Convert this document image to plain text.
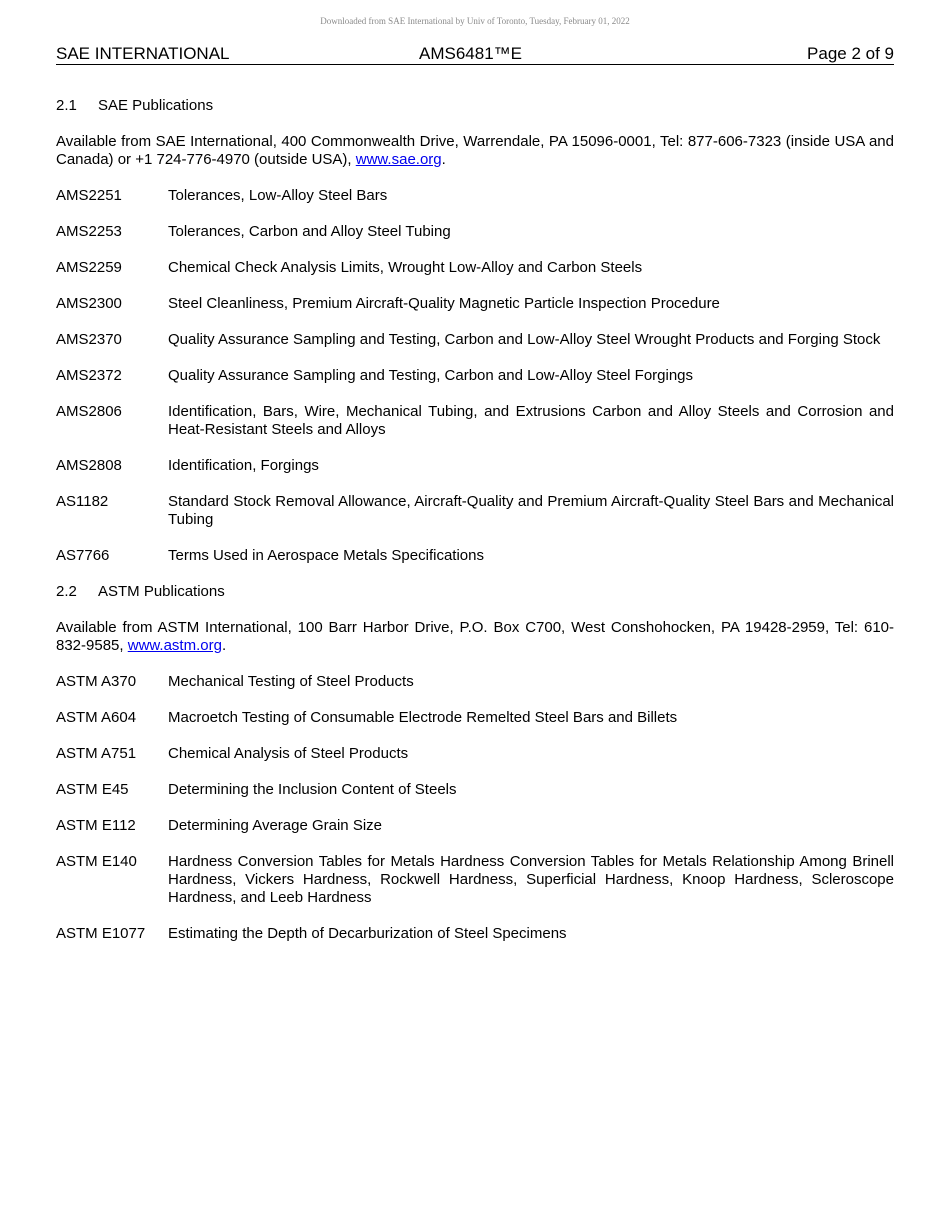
Downloaded from SAE International by Univ of Toronto, Tuesday, February 01, 2022
SAE INTERNATIONAL	AMS6481™E	Page 2 of 9
2.1	SAE Publications

Available from SAE International, 400 Commonwealth Drive, Warrendale, PA 15096-0001, Tel: 877-606-7323 (inside USA and Canada) or +1 724-776-4970 (outside USA), www.sae.org.

AMS2251	Tolerances, Low-Alloy Steel Bars
AMS2253	Tolerances, Carbon and Alloy Steel Tubing
AMS2259	Chemical Check Analysis Limits, Wrought Low-Alloy and Carbon Steels
AMS2300	Steel Cleanliness, Premium Aircraft-Quality Magnetic Particle Inspection Procedure
AMS2370	Quality Assurance Sampling and Testing, Carbon and Low-Alloy Steel Wrought Products and Forging Stock
AMS2372	Quality Assurance Sampling and Testing, Carbon and Low-Alloy Steel Forgings
AMS2806	Identification, Bars, Wire, Mechanical Tubing, and Extrusions Carbon and Alloy Steels and Corrosion and Heat-Resistant Steels and Alloys
AMS2808	Identification, Forgings
AS1182	Standard Stock Removal Allowance, Aircraft-Quality and Premium Aircraft-Quality Steel Bars and Mechanical Tubing
AS7766	Terms Used in Aerospace Metals Specifications
2.2	ASTM Publications

Available from ASTM International, 100 Barr Harbor Drive, P.O. Box C700, West Conshohocken, PA 19428-2959, Tel: 610-832-9585, www.astm.org.

ASTM A370	Mechanical Testing of Steel Products
ASTM A604	Macroetch Testing of Consumable Electrode Remelted Steel Bars and Billets
ASTM A751	Chemical Analysis of Steel Products
ASTM E45	Determining the Inclusion Content of Steels
ASTM E112	Determining Average Grain Size
ASTM E140	Hardness Conversion Tables for Metals Hardness Conversion Tables for Metals Relationship Among Brinell Hardness, Vickers Hardness, Rockwell Hardness, Superficial Hardness, Knoop Hardness, Scleroscope Hardness, and Leeb Hardness
ASTM E1077	Estimating the Depth of Decarburization of Steel Specimens
